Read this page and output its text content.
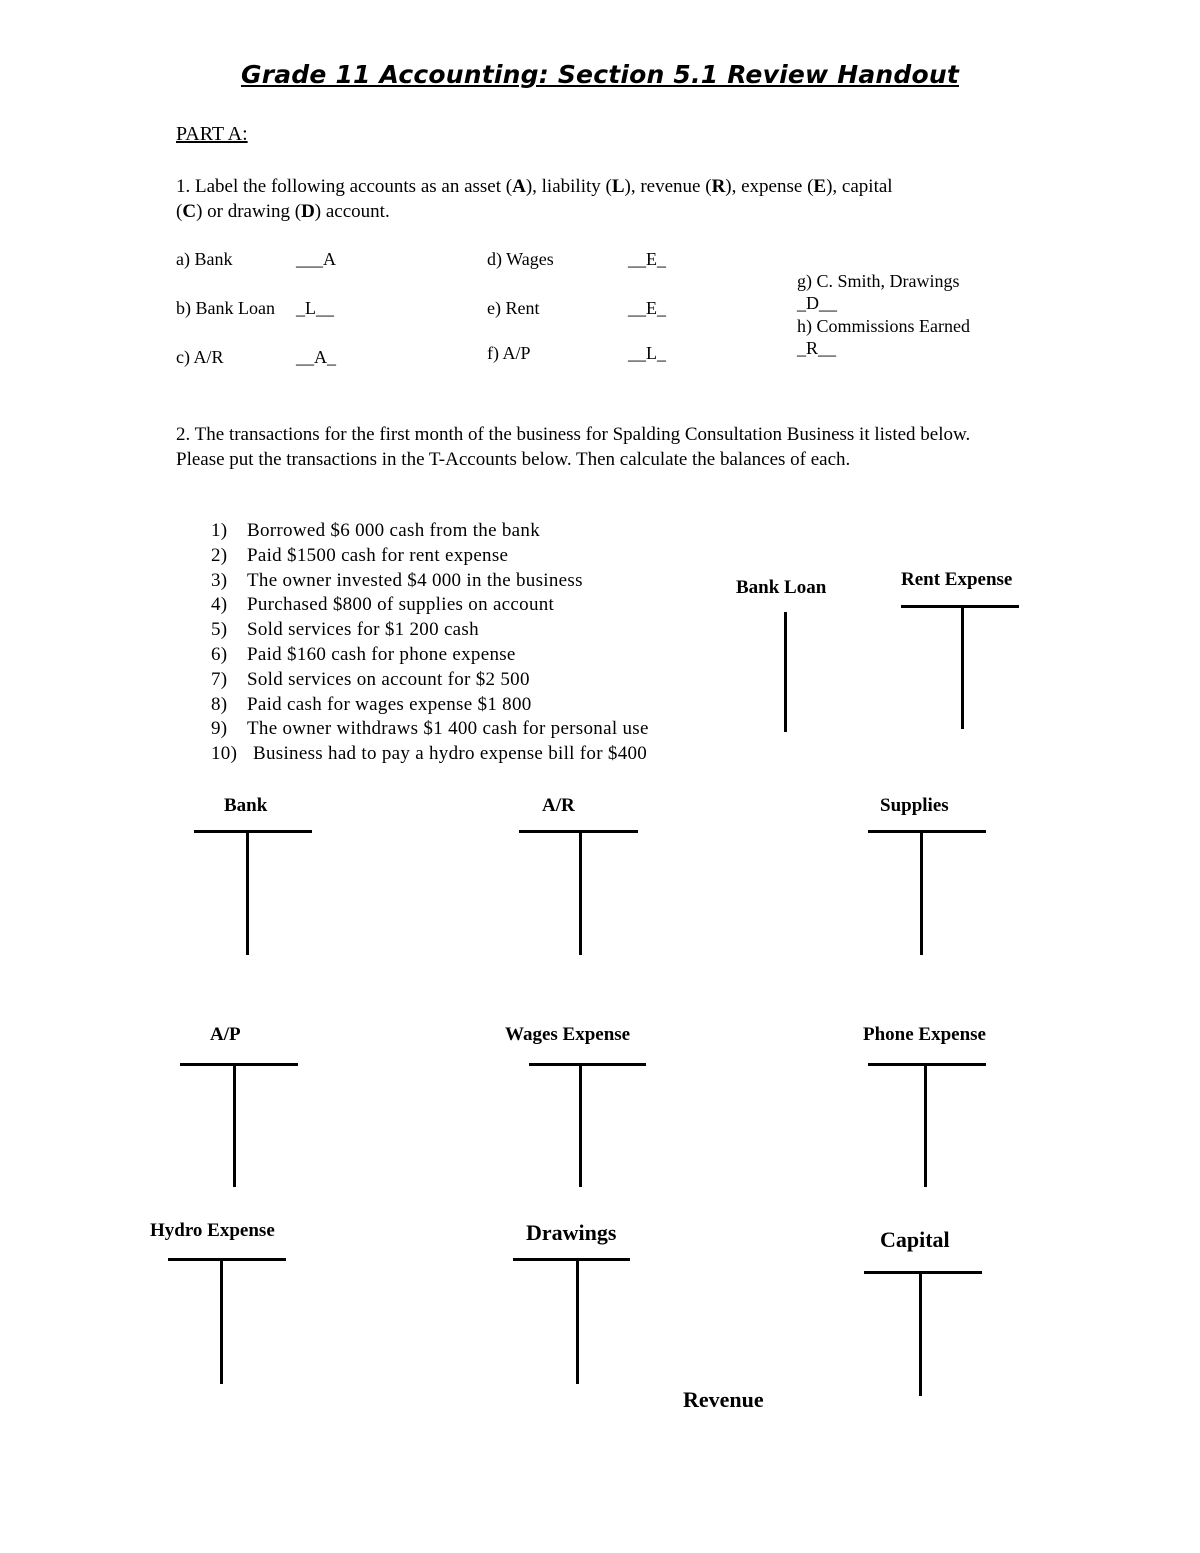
Grade 11 Accounting: Section 5.1 Review Handout
PART A:
1. Label the following accounts as an asset (A), liability (L), revenue (R), expense (E), capital
(C) or drawing (D) account.
a) Bank	___A
b) Bank Loan _L__
c) A/R	__A_
d) Wages	__E_
e) Rent	__E_
f) A/P	__L_
g) C. Smith, Drawings
_D__
h) Commissions Earned
_R__
2. The transactions for the first month of the business for Spalding Consultation Business it listed below. Please put the transactions in the T-Accounts below. Then calculate the balances of each.
1) Borrowed $6 000 cash from the bank
2) Paid $1500 cash for rent expense
3) The owner invested $4 000 in the business
4) Purchased $800 of supplies on account
5) Sold services for $1 200 cash
6) Paid $160 cash for phone expense
7) Sold services on account for $2 500
8) Paid cash for wages expense $1 800
9) The owner withdraws $1 400 cash for personal use
10) Business had to pay a hydro expense bill for $400
Bank Loan	Rent Expense
Bank	A/R	Supplies
A/P	Wages Expense	Phone Expense
Hydro Expense	Drawings	Capital
Revenue
